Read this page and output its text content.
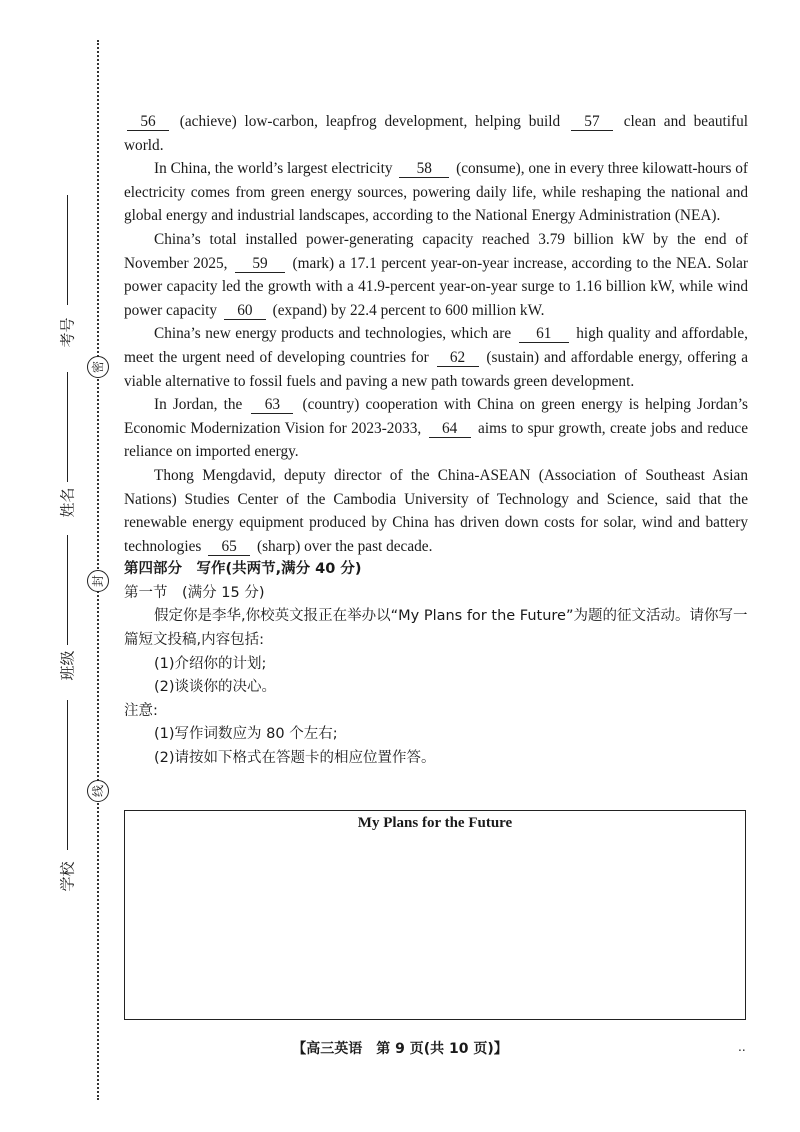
考号
姓名
班级
学校
密
封
线

56 (achieve) low-carbon, leapfrog development, helping build 57 clean and beautiful world.

In China, the world’s largest electricity 58 (consume), one in every three kilowatt-hours of electricity comes from green energy sources, powering daily life, while reshaping the national and global energy and industrial landscapes, according to the National Energy Administration (NEA).

China’s total installed power-generating capacity reached 3.79 billion kW by the end of November 2025, 59 (mark) a 17.1 percent year-on-year increase, according to the NEA. Solar power capacity led the growth with a 41.9-percent year-on-year surge to 1.16 billion kW, while wind power capacity 60 (expand) by 22.4 percent to 600 million kW.

China’s new energy products and technologies, which are 61 high quality and affordable, meet the urgent need of developing countries for 62 (sustain) and affordable energy, offering a viable alternative to fossil fuels and paving a new path towards green development.

In Jordan, the 63 (country) cooperation with China on green energy is helping Jordan’s Economic Modernization Vision for 2023-2033, 64 aims to spur growth, create jobs and reduce reliance on imported energy.

Thong Mengdavid, deputy director of the China-ASEAN (Association of Southeast Asian Nations) Studies Center of the Cambodia University of Technology and Science, said that the renewable energy equipment produced by China has driven down costs for solar, wind and battery technologies 65 (sharp) over the past decade.

第四部分　写作(共两节,满分 40 分)

第一节　(满分 15 分)

假定你是李华,你校英文报正在举办以“My Plans for the Future”为题的征文活动。请你写一篇短文投稿,内容包括:

(1)介绍你的计划;

(2)谈谈你的决心。

注意:

(1)写作词数应为 80 个左右;

(2)请按如下格式在答题卡的相应位置作答。

My Plans for the Future
【高三英语　第 9 页(共 10 页)】	..
